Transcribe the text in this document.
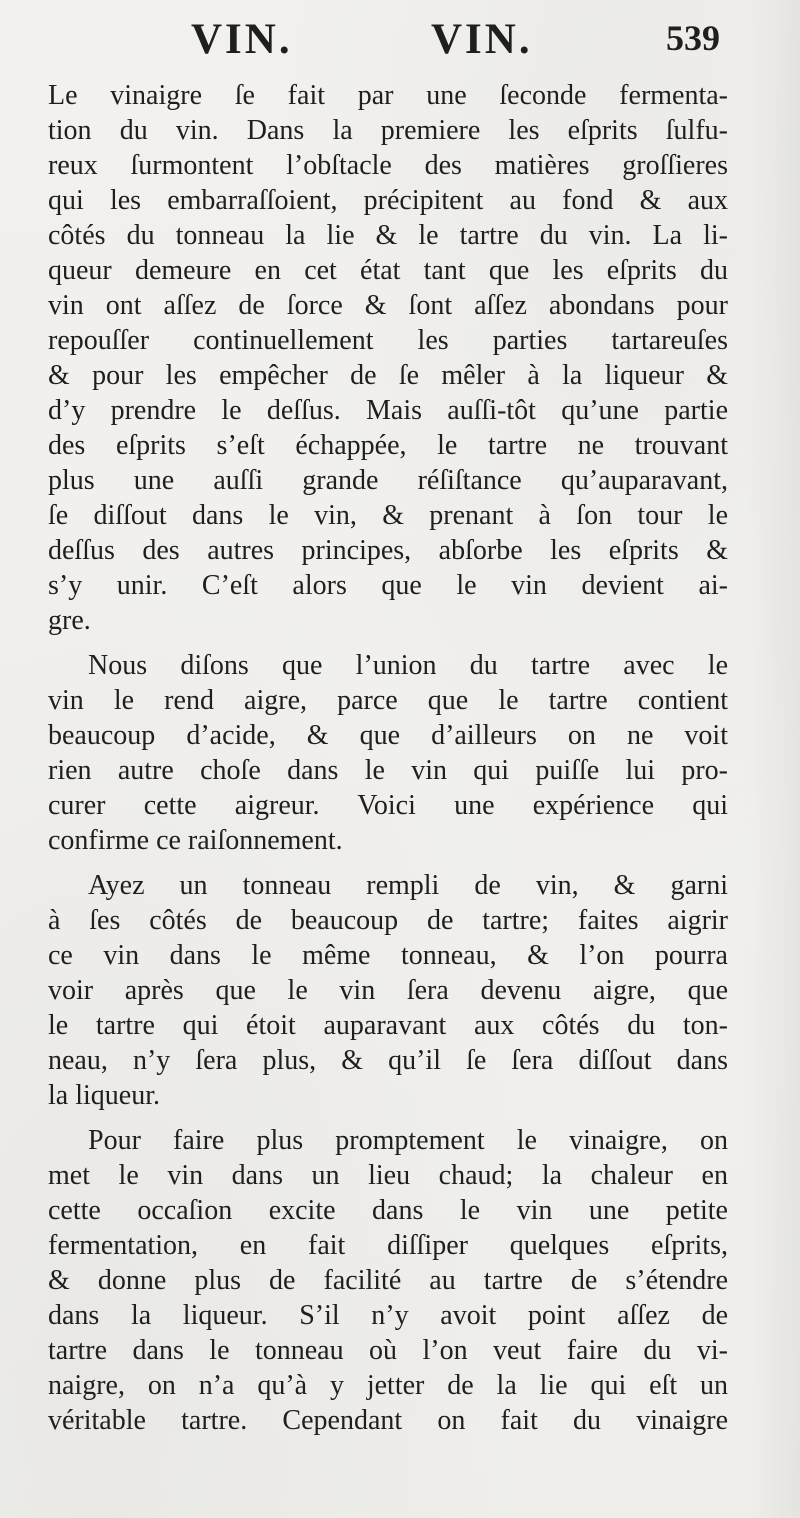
VIN.	VIN.	539
Le vinaigre ſe fait par une ſeconde fermenta-
tion du vin. Dans la premiere les eſprits ſulfu-
reux ſurmontent l’obſtacle des matières groſſieres
qui les embarraſſoient, précipitent au fond & aux
côtés du tonneau la lie & le tartre du vin. La li-
queur demeure en cet état tant que les eſprits du
vin ont aſſez de ſorce & ſont aſſez abondans pour
repouſſer continuellement les parties tartareuſes
& pour les empêcher de ſe mêler à la liqueur &
d’y prendre le deſſus. Mais auſſi-tôt qu’une partie
des eſprits s’eſt échappée, le tartre ne trouvant
plus une auſſi grande réſiſtance qu’auparavant,
ſe diſſout dans le vin, & prenant à ſon tour le
deſſus des autres principes, abſorbe les eſprits &
s’y unir. C’eſt alors que le vin devient ai-
gre.
Nous diſons que l’union du tartre avec le
vin le rend aigre, parce que le tartre contient
beaucoup d’acide, & que d’ailleurs on ne voit
rien autre choſe dans le vin qui puiſſe lui pro-
curer cette aigreur. Voici une expérience qui
confirme ce raiſonnement.
Ayez un tonneau rempli de vin, & garni
à ſes côtés de beaucoup de tartre; faites aigrir
ce vin dans le même tonneau, & l’on pourra
voir après que le vin ſera devenu aigre, que
le tartre qui étoit auparavant aux côtés du ton-
neau, n’y ſera plus, & qu’il ſe ſera diſſout dans
la liqueur.
Pour faire plus promptement le vinaigre, on
met le vin dans un lieu chaud; la chaleur en
cette occaſion excite dans le vin une petite
fermentation, en fait diſſiper quelques eſprits,
& donne plus de facilité au tartre de s’étendre
dans la liqueur. S’il n’y avoit point aſſez de
tartre dans le tonneau où l’on veut faire du vi-
naigre, on n’a qu’à y jetter de la lie qui eſt un
véritable tartre. Cependant on fait du vinaigre
